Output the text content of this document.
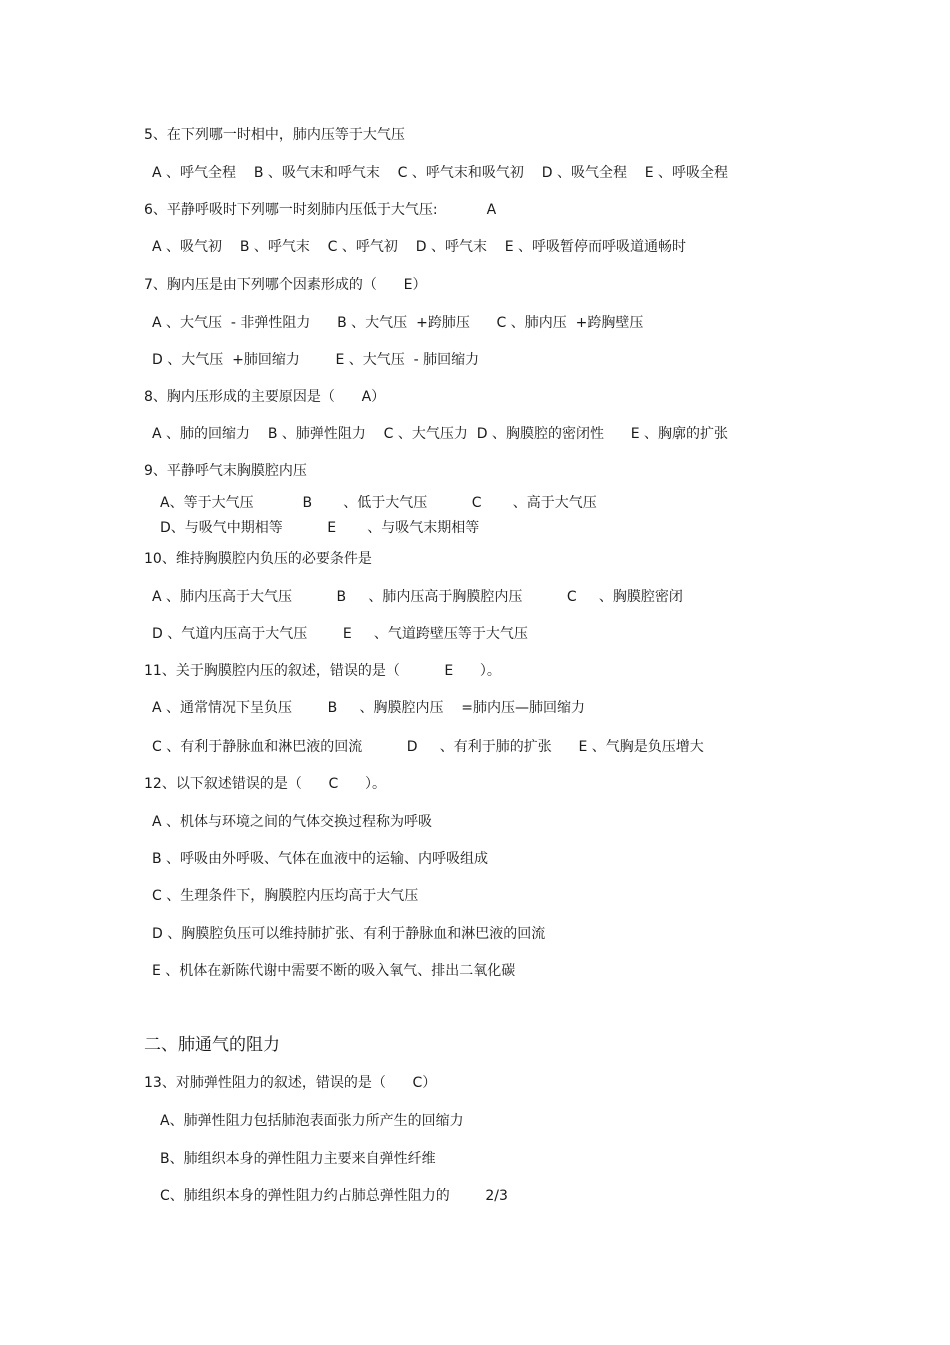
5、在下列哪一时相中，肺内压等于大气压
A 、呼气全程    B 、吸气末和呼气末    C 、呼气末和吸气初    D 、吸气全程    E 、呼吸全程
6、平静呼吸时下列哪一时刻肺内压低于大气压:           A
A 、吸气初    B 、呼气末    C 、呼气初    D 、呼气末    E 、呼吸暂停而呼吸道通畅时
7、胸内压是由下列哪个因素形成的（      E）
A 、大气压  - 非弹性阻力      B 、大气压  +跨肺压      C 、肺内压  +跨胸壁压
D 、大气压  +肺回缩力        E 、大气压  - 肺回缩力
8、胸内压形成的主要原因是（      A）
A 、肺的回缩力    B 、肺弹性阻力    C 、大气压力  D 、胸膜腔的密闭性      E 、胸廓的扩张
9、平静呼气末胸膜腔内压
A、等于大气压           B       、低于大气压          C       、高于大气压
D、与吸气中期相等          E       、与吸气末期相等
10、维持胸膜腔内负压的必要条件是
A 、肺内压高于大气压          B     、肺内压高于胸膜腔内压          C     、胸膜腔密闭
D 、气道内压高于大气压        E     、气道跨壁压等于大气压
11、关于胸膜腔内压的叙述，错误的是（          E      ）。
A 、通常情况下呈负压        B     、胸膜腔内压    =肺内压—肺回缩力
C 、有利于静脉血和淋巴液的回流          D     、有利于肺的扩张      E 、气胸是负压增大
12、以下叙述错误的是（      C      ）。
A 、机体与环境之间的气体交换过程称为呼吸
B 、呼吸由外呼吸、气体在血液中的运输、内呼吸组成
C 、生理条件下，胸膜腔内压均高于大气压
D 、胸膜腔负压可以维持肺扩张、有利于静脉血和淋巴液的回流
E 、机体在新陈代谢中需要不断的吸入氧气、排出二氧化碳
二、肺通气的阻力
13、对肺弹性阻力的叙述，错误的是（      C）
A、肺弹性阻力包括肺泡表面张力所产生的回缩力
B、肺组织本身的弹性阻力主要来自弹性纤维
C、肺组织本身的弹性阻力约占肺总弹性阻力的        2/3
